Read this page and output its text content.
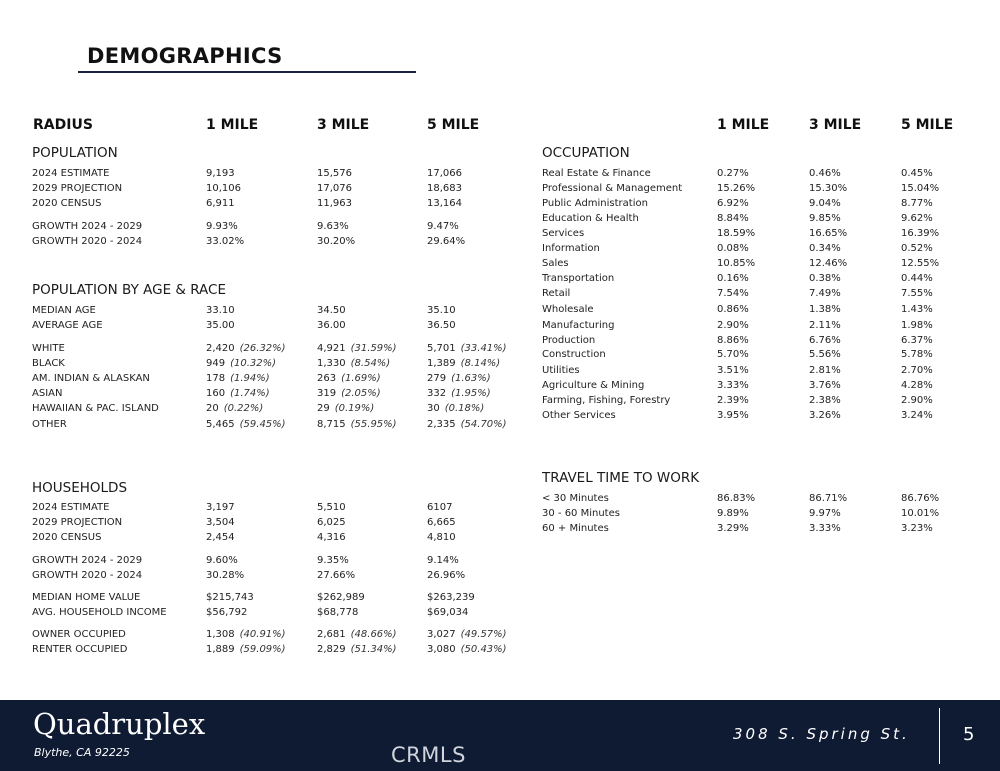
DEMOGRAPHICS
RADIUS	1 MILE	3 MILE	5 MILE	1 MILE	3 MILE	5 MILE
POPULATION
POPULATION BY AGE & RACE
HOUSEHOLDS
OCCUPATION
TRAVEL TIME TO WORK
2024 ESTIMATE	9,193	15,576	17,066
2029 PROJECTION	10,106	17,076	18,683
2020 CENSUS	6,911	11,963	13,164
GROWTH 2024 - 2029	9.93%	9.63%	9.47%
GROWTH 2020 - 2024	33.02%	30.20%	29.64%
MEDIAN AGE	33.10	34.50	35.10
AVERAGE AGE	35.00	36.00	36.50
WHITE	2,420 (26.32%)	4,921 (31.59%)	5,701 (33.41%)
BLACK	949 (10.32%)	1,330 (8.54%)	1,389 (8.14%)
AM. INDIAN & ALASKAN	178 (1.94%)	263 (1.69%)	279 (1.63%)
ASIAN	160 (1.74%)	319 (2.05%)	332 (1.95%)
HAWAIIAN & PAC. ISLAND	20 (0.22%)	29 (0.19%)	30 (0.18%)
OTHER	5,465 (59.45%)	8,715 (55.95%)	2,335 (54.70%)
2024 ESTIMATE	3,197	5,510	6107
2029 PROJECTION	3,504	6,025	6,665
2020 CENSUS	2,454	4,316	4,810
GROWTH 2024 - 2029	9.60%	9.35%	9.14%
GROWTH 2020 - 2024	30.28%	27.66%	26.96%
MEDIAN HOME VALUE	$215,743	$262,989	$263,239
AVG. HOUSEHOLD INCOME	$56,792	$68,778	$69,034
OWNER OCCUPIED	1,308 (40.91%)	2,681 (48.66%)	3,027 (49.57%)
RENTER OCCUPIED	1,889 (59.09%)	2,829 (51.34%)	3,080 (50.43%)
Real Estate & Finance	0.27%	0.46%	0.45%
Professional & Management	15.26%	15.30%	15.04%
Public Administration	6.92%	9.04%	8.77%
Education & Health	8.84%	9.85%	9.62%
Services	18.59%	16.65%	16.39%
Information	0.08%	0.34%	0.52%
Sales	10.85%	12.46%	12.55%
Transportation	0.16%	0.38%	0.44%
Retail	7.54%	7.49%	7.55%
Wholesale	0.86%	1.38%	1.43%
Manufacturing	2.90%	2.11%	1.98%
Production	8.86%	6.76%	6.37%
Construction	5.70%	5.56%	5.78%
Utilities	3.51%	2.81%	2.70%
Agriculture & Mining	3.33%	3.76%	4.28%
Farming, Fishing, Forestry	2.39%	2.38%	2.90%
Other Services	3.95%	3.26%	3.24%
< 30 Minutes	86.83%	86.71%	86.76%
30 - 60 Minutes	9.89%	9.97%	10.01%
60 + Minutes	3.29%	3.33%	3.23%
Quadruplex
Blythe, CA 92225	CRMLS
308 S. Spring St.	5
